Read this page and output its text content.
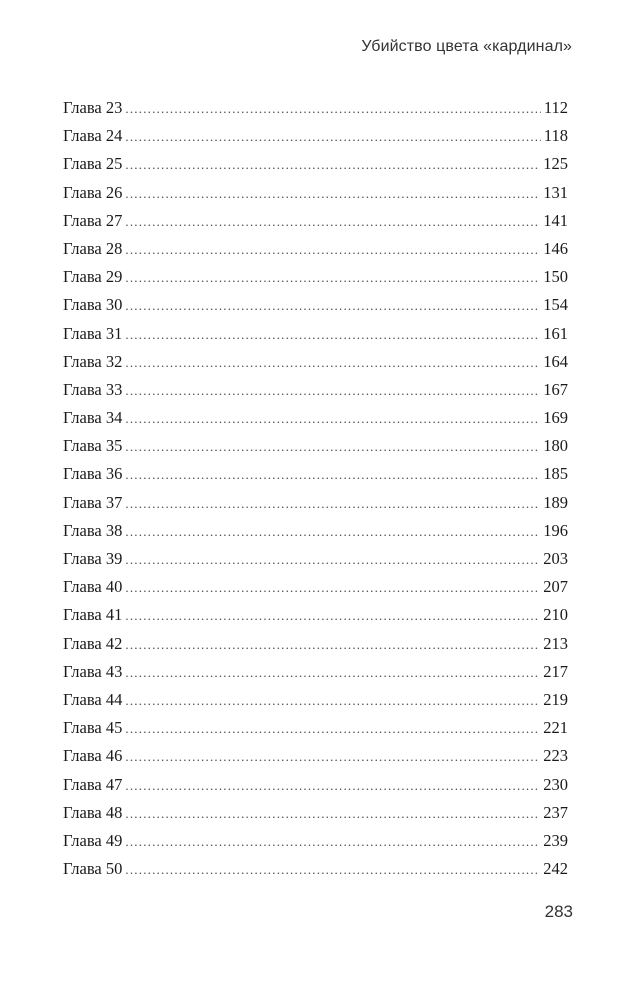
Убийство цвета «кардинал»
Глава 23 .....	112
Глава 24 .....	118
Глава 25 .....	125
Глава 26 .....	131
Глава 27 .....	141
Глава 28 .....	146
Глава 29 .....	150
Глава 30 .....	154
Глава 31 .....	161
Глава 32 .....	164
Глава 33 .....	167
Глава 34 .....	169
Глава 35 .....	180
Глава 36 .....	185
Глава 37 .....	189
Глава 38 .....	196
Глава 39 .....	203
Глава 40 .....	207
Глава 41 .....	210
Глава 42 .....	213
Глава 43 .....	217
Глава 44 .....	219
Глава 45 .....	221
Глава 46 .....	223
Глава 47 .....	230
Глава 48 .....	237
Глава 49 .....	239
Глава 50 .....	242
283
